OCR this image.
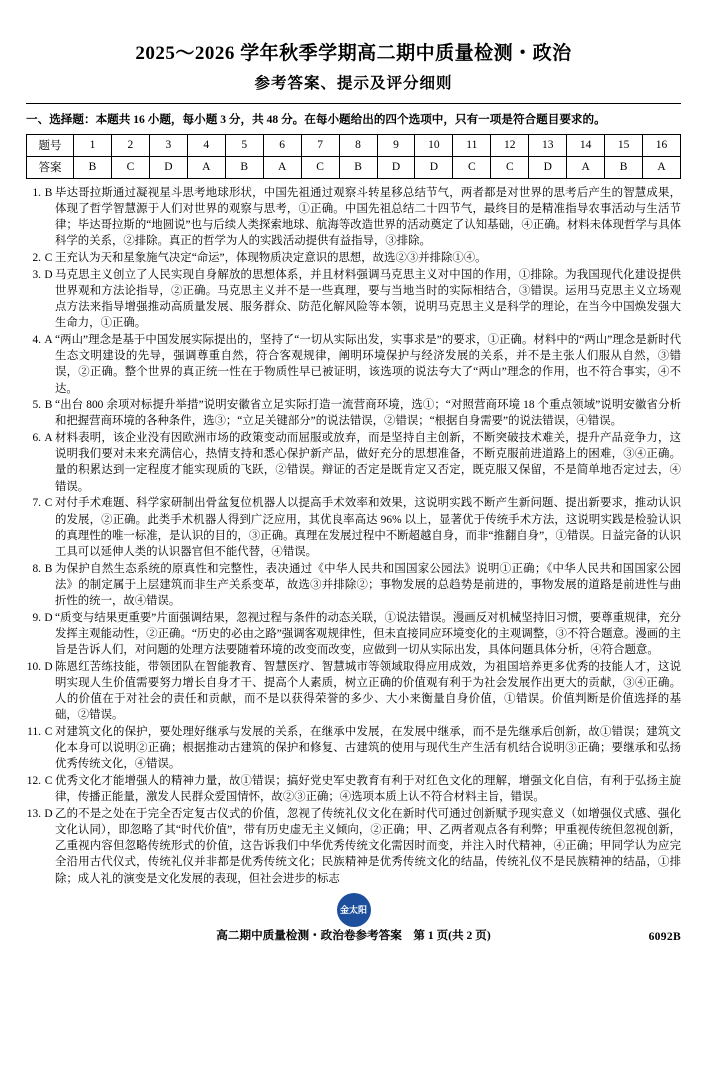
2025～2026 学年秋季学期高二期中质量检测・政治
参考答案、提示及评分细则
一、选择题：本题共 16 小题，每小题 3 分，共 48 分。在每小题给出的四个选项中，只有一项是符合题目要求的。
题号	1	2	3	4	5	6	7	8	9	10	11	12	13	14	15	16
答案	B	C	D	A	B	A	C	B	D	D	C	C	D	A	B	A
1. B 毕达哥拉斯通过凝视星斗思考地球形状，中国先祖通过观察斗转星移总结节气，两者都是对世界的思考后产生的智慧成果，体现了哲学智慧源于人们对世界的观察与思考，①正确。中国先祖总结二十四节气，最终目的是精准指导农事活动与生活节律；毕达哥拉斯的“地圆说”也与后续人类探索地球、航海等改造世界的活动奠定了认知基础，④正确。材料未体现哲学与具体科学的关系，②排除。真正的哲学为人的实践活动提供有益指导，③排除。
2. C 王充认为天和星象施气决定“命运”，体现物质决定意识的思想，故选②③并排除①④。
3. D 马克思主义创立了人民实现自身解放的思想体系，并且材料强调马克思主义对中国的作用，①排除。为我国现代化建设提供世界观和方法论指导，②正确。马克思主义并不是一些真理，要与当地当时的实际相结合，③错误。运用马克思主义立场观点方法来指导增强推动高质量发展、服务群众、防范化解风险等本领，说明马克思主义是科学的理论，在当今中国焕发强大生命力，①正确。
4. A “两山”理念是基于中国发展实际提出的，坚持了“一切从实际出发，实事求是”的要求，①正确。材料中的“两山”理念是新时代生态文明建设的先导，强调尊重自然，符合客观规律，阐明环境保护与经济发展的关系，并不是主张人们服从自然，③错误，②正确。整个世界的真正统一性在于物质性早已被证明，该选项的说法夸大了“两山”理念的作用，也不符合事实，④不达。
5. B “出台 800 余项对标提升举措”说明安徽省立足实际打造一流营商环境，选①；“对照营商环境 18 个重点领域”说明安徽省分析和把握营商环境的各种条件，选③；“立足关键部分”的说法错误，②错误；“根据自身需要”的说法错误，④错误。
6. A 材料表明，该企业没有因欧洲市场的政策变动而屈服或放弃，而是坚持自主创新，不断突破技术难关，提升产品竞争力，这说明我们要对未来充满信心，热情支持和悉心保护新产品，做好充分的思想准备，不断克服前进道路上的困难，③④正确。量的积累达到一定程度才能实现质的飞跃，②错误。辩证的否定是既肯定又否定，既克服又保留，不是简单地否定过去，④错误。
7. C 对付手术难题、科学家研制出骨盆复位机器人以提高手术效率和效果，这说明实践不断产生新问题、提出新要求，推动认识的发展，②正确。此类手术机器人得到广泛应用，其优良率高达 96% 以上，显著优于传统手术方法，这说明实践是检验认识的真理性的唯一标准，是认识的目的，③正确。真理在发展过程中不断超越自身，而非“推翻自身”，①错误。日益完备的认识工具可以延伸人类的认识器官但不能代替，④错误。
8. B 为保护自然生态系统的原真性和完整性，表决通过《中华人民共和国国家公园法》说明①正确；《中华人民共和国国家公园法》的制定属于上层建筑而非生产关系变革，故选③并排除②；事物发展的总趋势是前进的，事物发展的道路是前进性与曲折性的统一，故④错误。
9. D “质变与结果更重要”片面强调结果，忽视过程与条件的动态关联，①说法错误。漫画反对机械坚持旧习惯，要尊重规律，充分发挥主观能动性，②正确。“历史的必由之路”强调客观规律性，但未直接同应环境变化的主观调整，③不符合题意。漫画的主旨是告诉人们，对问题的处理方法要随着环境的改变而改变，应做到一切从实际出发，具体问题具体分析，④符合题意。
10. D 陈恩红苦练技能，带领团队在智能教育、智慧医疗、智慧城市等领域取得应用成效，为祖国培养更多优秀的技能人才，这说明实现人生价值需要努力增长自身才干、提高个人素质，树立正确的价值观有利于为社会发展作出更大的贡献，③④正确。人的价值在于对社会的责任和贡献，而不是以获得荣誉的多少、大小来衡量自身价值，①错误。价值判断是价值选择的基础，②错误。
11. C 对建筑文化的保护，要处理好继承与发展的关系，在继承中发展，在发展中继承，而不是先继承后创新，故①错误；建筑文化本身可以说明②正确；根据推动古建筑的保护和修复、古建筑的使用与现代生产生活有机结合说明③正确；要继承和弘扬优秀传统文化，④错误。
12. C 优秀文化才能增强人的精神力量，故①错误；搞好党史军史教育有利于对红色文化的理解，增强文化自信，有利于弘扬主旋律，传播正能量，激发人民群众爱国情怀，故②③正确；④选项本质上认不符合材料主旨，错误。
13. D 乙的不是之处在于完全否定复古仪式的价值，忽视了传统礼仪文化在新时代可通过创新赋予现实意义（如增强仪式感、强化文化认同），即忽略了其“时代价值”，带有历史虚无主义倾向，②正确；甲、乙两者观点各有利弊；甲重视传统但忽视创新，乙重视内容但忽略传统形式的价值，这告诉我们中华优秀传统文化需因时而变，并注入时代精神，④正确；甲同学认为应完全沿用古代仪式，传统礼仪并非都是优秀传统文化；民族精神是优秀传统文化的结晶，传统礼仪不是民族精神的结晶，①排除；成人礼的演变是文化发展的表现，但社会进步的标志
金太阳
高二期中质量检测・政治卷参考答案　第 1 页(共 2 页)	6092B
